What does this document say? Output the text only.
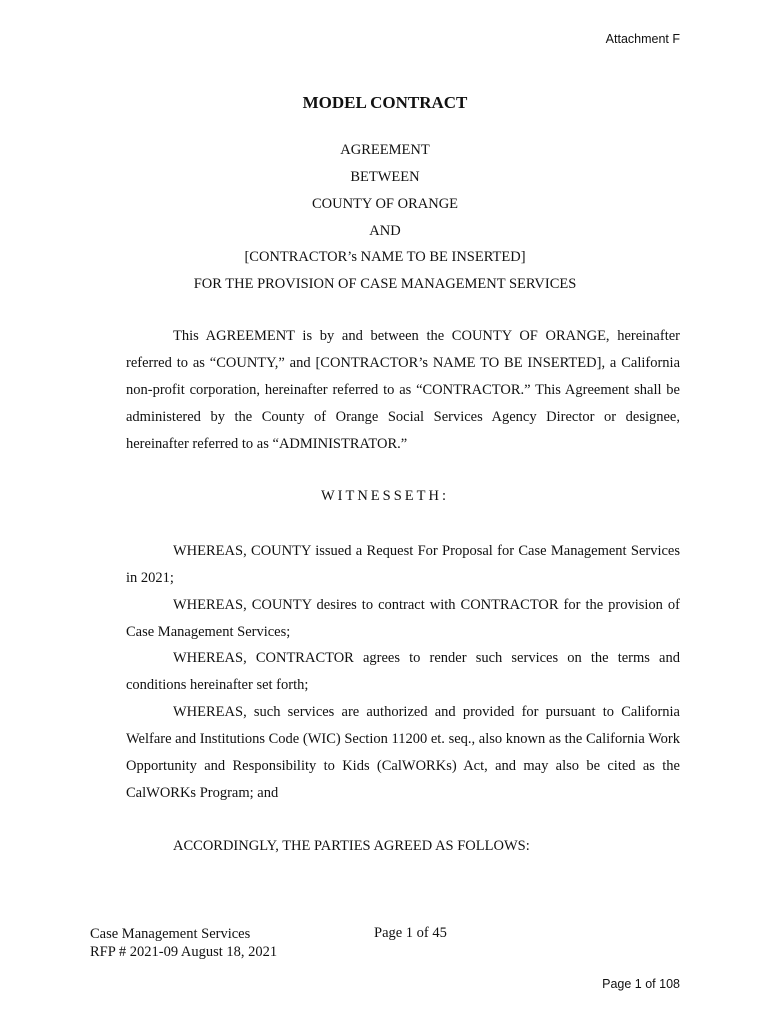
Attachment F
MODEL CONTRACT
AGREEMENT
BETWEEN
COUNTY OF ORANGE
AND
[CONTRACTOR’s NAME TO BE INSERTED]
FOR THE PROVISION OF CASE MANAGEMENT SERVICES
This AGREEMENT is by and between the COUNTY OF ORANGE, hereinafter referred to as “COUNTY,” and [CONTRACTOR’s NAME TO BE INSERTED], a California non-profit corporation, hereinafter referred to as “CONTRACTOR.” This Agreement shall be administered by the County of Orange Social Services Agency Director or designee, hereinafter referred to as “ADMINISTRATOR.”
WITNESSETH:
WHEREAS, COUNTY issued a Request For Proposal for Case Management Services in 2021;
WHEREAS, COUNTY desires to contract with CONTRACTOR for the provision of Case Management Services;
WHEREAS, CONTRACTOR agrees to render such services on the terms and conditions hereinafter set forth;
WHEREAS, such services are authorized and provided for pursuant to California Welfare and Institutions Code (WIC) Section 11200 et. seq., also known as the California Work Opportunity and Responsibility to Kids (CalWORKs) Act, and may also be cited as the CalWORKs Program; and
ACCORDINGLY, THE PARTIES AGREED AS FOLLOWS:
Case Management Services
RFP # 2021-09 August 18, 2021
Page 1 of 45
Page 1 of 108
